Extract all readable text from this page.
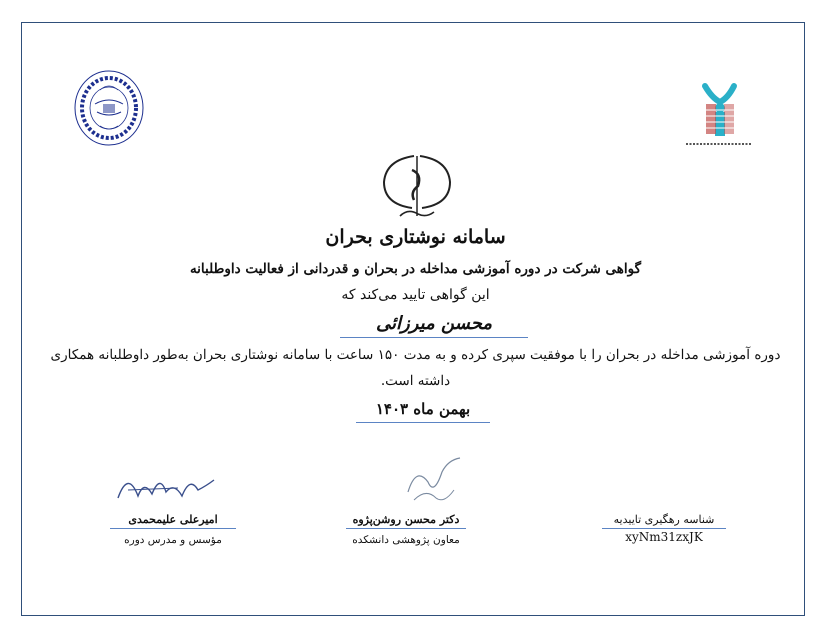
سامانه نوشتاری بحران
گواهی شرکت در دوره آموزشی مداخله در بحران و قدردانی از فعالیت داوطلبانه
این گواهی تایید می‌کند که
محسن میرزائی
دوره آموزشی مداخله در بحران را با موفقیت سپری کرده و به مدت ۱۵۰ ساعت با سامانه نوشتاری بحران به‌طور داوطلبانه همکاری
داشته است.
بهمن ماه ۱۴۰۳
امیرعلی علیمحمدی
مؤسس و مدرس دوره
دکتر محسن روشن‌پژوه
معاون پژوهشی دانشکده
شناسه رهگیری تاییدیه
xyNm31zxJK
